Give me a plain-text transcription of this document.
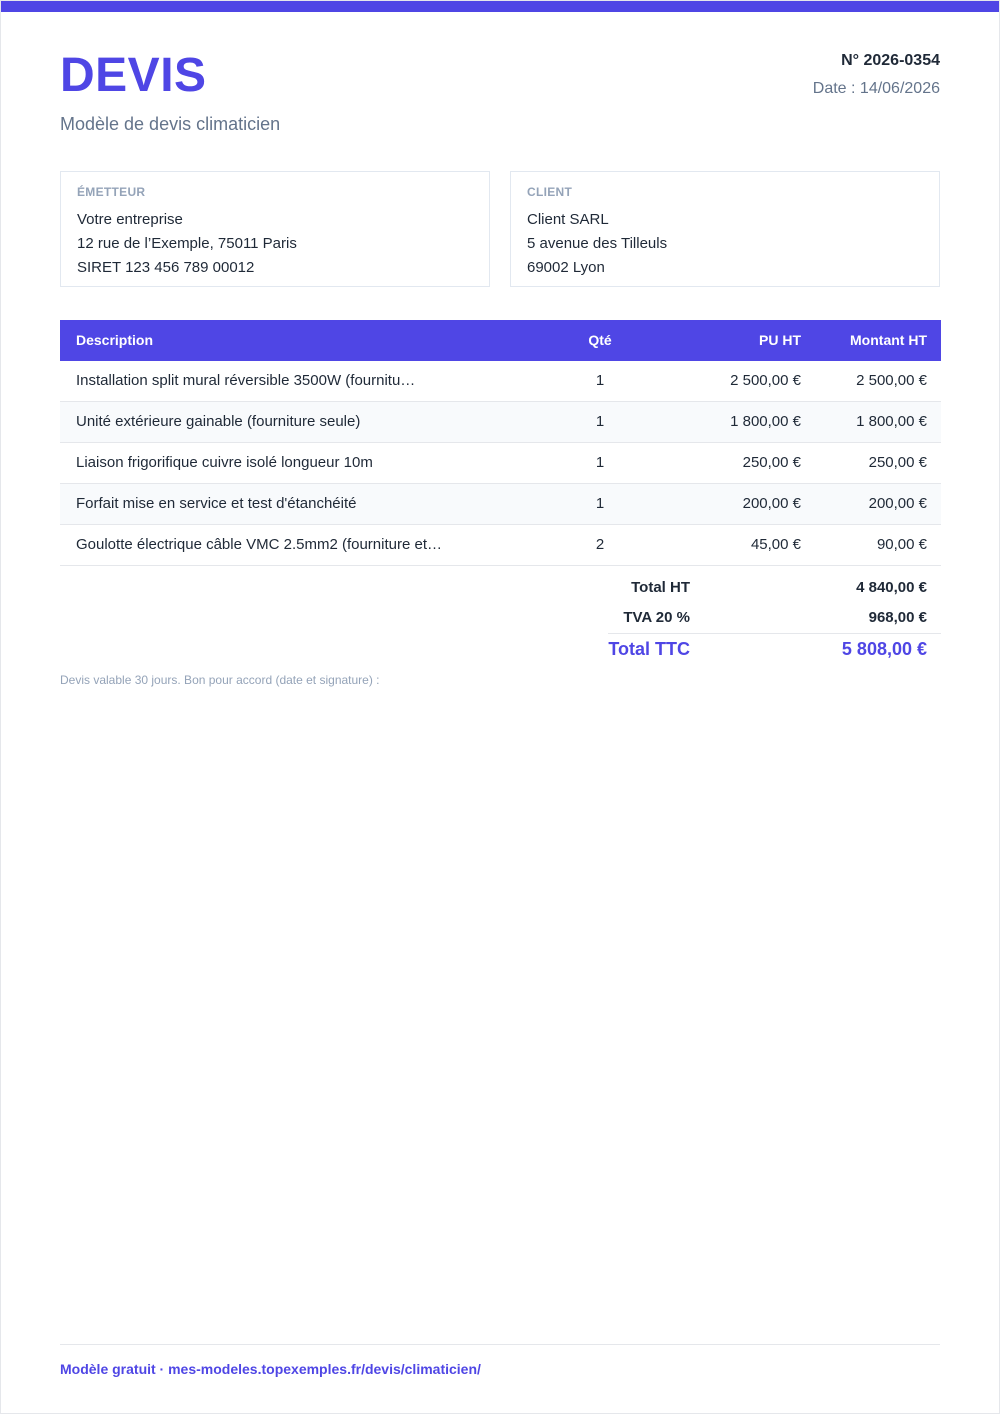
DEVIS
Modèle de devis climaticien
N° 2026-0354
Date : 14/06/2026
ÉMETTEUR
Votre entreprise
12 rue de l’Exemple, 75011 Paris
SIRET 123 456 789 00012
CLIENT
Client SARL
5 avenue des Tilleuls
69002 Lyon
Description	Qté	PU HT	Montant HT
Installation split mural réversible 3500W (fournitu…	1	2 500,00 €	2 500,00 €
Unité extérieure gainable (fourniture seule)	1	1 800,00 €	1 800,00 €
Liaison frigorifique cuivre isolé longueur 10m	1	250,00 €	250,00 €
Forfait mise en service et test d'étanchéité	1	200,00 €	200,00 €
Goulotte électrique câble VMC 2.5mm2 (fourniture et…	2	45,00 €	90,00 €
Total HT	4 840,00 €
TVA 20 %	968,00 €
Total TTC	5 808,00 €
Devis valable 30 jours. Bon pour accord (date et signature) :
Modèle gratuit · mes-modeles.topexemples.fr/devis/climaticien/
